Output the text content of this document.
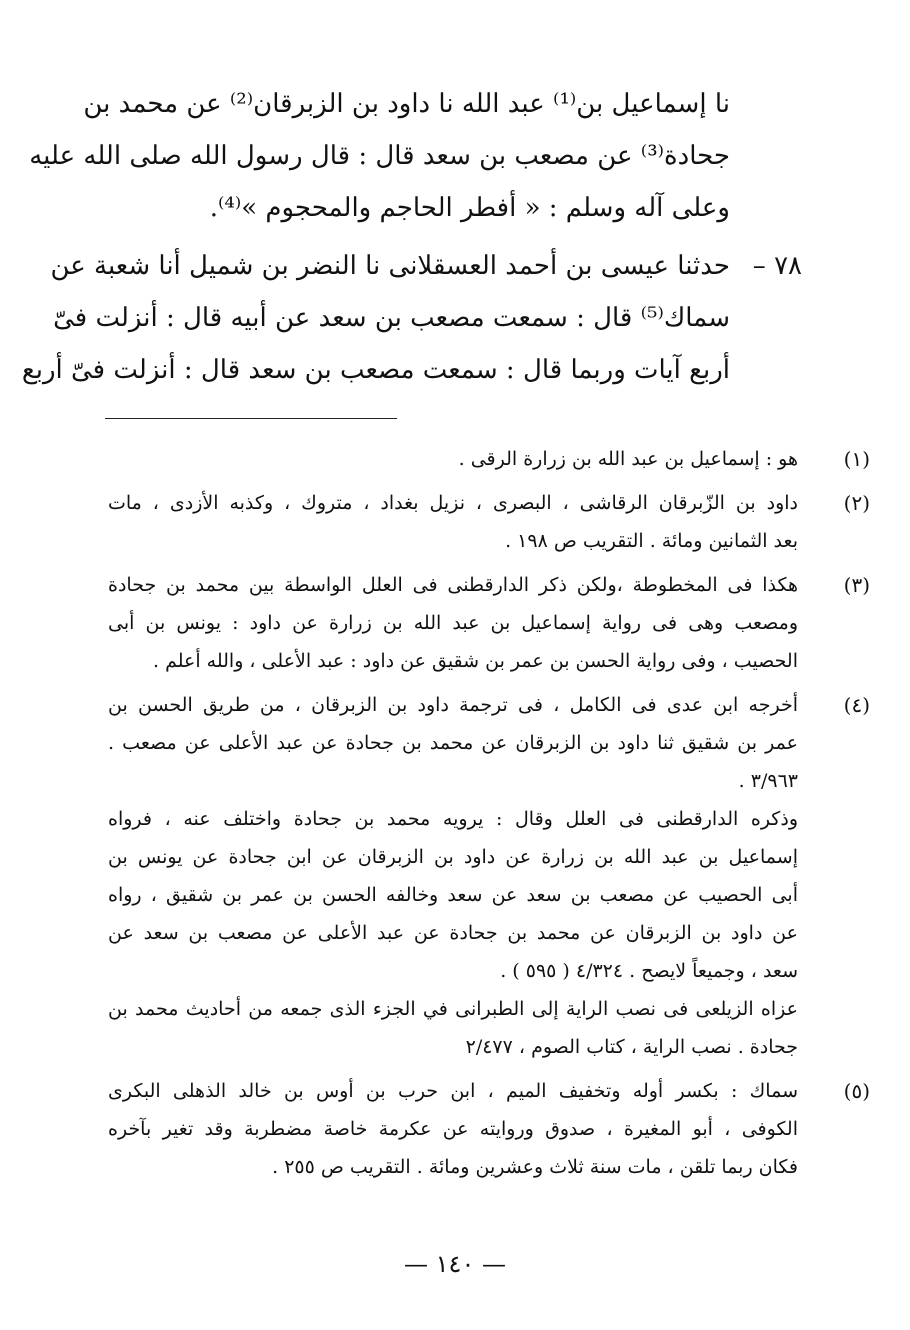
نا إسماعيل بن⁽¹⁾ عبد الله نا داود بن الزبرقان⁽²⁾ عن محمد بن
جحادة⁽³⁾ عن مصعب بن سعد قال : قال رسول الله صلى الله عليه
وعلى آله وسلم : « أفطر الحاجم والمحجوم »⁽⁴⁾.
٧٨ –
حدثنا عيسى بن أحمد العسقلانى نا النضر بن شميل أنا شعبة عن
سماك⁽⁵⁾ قال : سمعت مصعب بن سعد عن أبيه قال : أنزلت فىّ
أربع آيات وربما قال : سمعت مصعب بن سعد قال : أنزلت فىّ أربع
(١)
هو : إسماعيل بن عبد الله بن زرارة الرقى .
(٢)
داود بن الزّبرقان الرقاشى ، البصرى ، نزيل بغداد ، متروك ، وكذبه الأزدى ، مات
بعد الثمانين ومائة . التقريب ص ١٩٨ .
(٣)
هكذا فى المخطوطة ،ولكن ذكر الدارقطنى فى العلل الواسطة بين محمد بن جحادة
ومصعب وهى فى رواية إسماعيل بن عبد الله بن زرارة عن داود : يونس بن أبى
الحصيب ، وفى رواية الحسن بن عمر بن شقيق عن داود : عبد الأعلى ، والله أعلم .
(٤)
أخرجه ابن عدى فى الكامل ، فى ترجمة داود بن الزبرقان ، من طريق الحسن بن
عمر بن شقيق ثنا داود بن الزبرقان عن محمد بن جحادة عن عبد الأعلى عن مصعب .
٣/٩٦٣ .
وذكره الدارقطنى فى العلل وقال : يرويه محمد بن جحادة واختلف عنه ، فرواه
إسماعيل بن عبد الله بن زرارة عن داود بن الزبرقان عن ابن جحادة عن يونس بن
أبى الحصيب عن مصعب بن سعد عن سعد وخالفه الحسن بن عمر بن شقيق ، رواه
عن داود بن الزبرقان عن محمد بن جحادة عن عبد الأعلى عن مصعب بن سعد عن
سعد ، وجميعاً لايصح . ٤/٣٢٤ ( ٥٩٥ ) .
عزاه الزيلعى فى نصب الراية إلى الطبرانى في الجزء الذى جمعه من أحاديث محمد بن
جحادة . نصب الراية ، كتاب الصوم ، ٢/٤٧٧
(٥)
سماك : بكسر أوله وتخفيف الميم ، ابن حرب بن أوس بن خالد الذهلى البكرى
الكوفى ، أبو المغيرة ، صدوق وروايته عن عكرمة خاصة مضطربة وقد تغير بآخره
فكان ربما تلقن ، مات سنة ثلاث وعشرين ومائة . التقريب ص ٢٥٥ .
— ١٤٠ —
